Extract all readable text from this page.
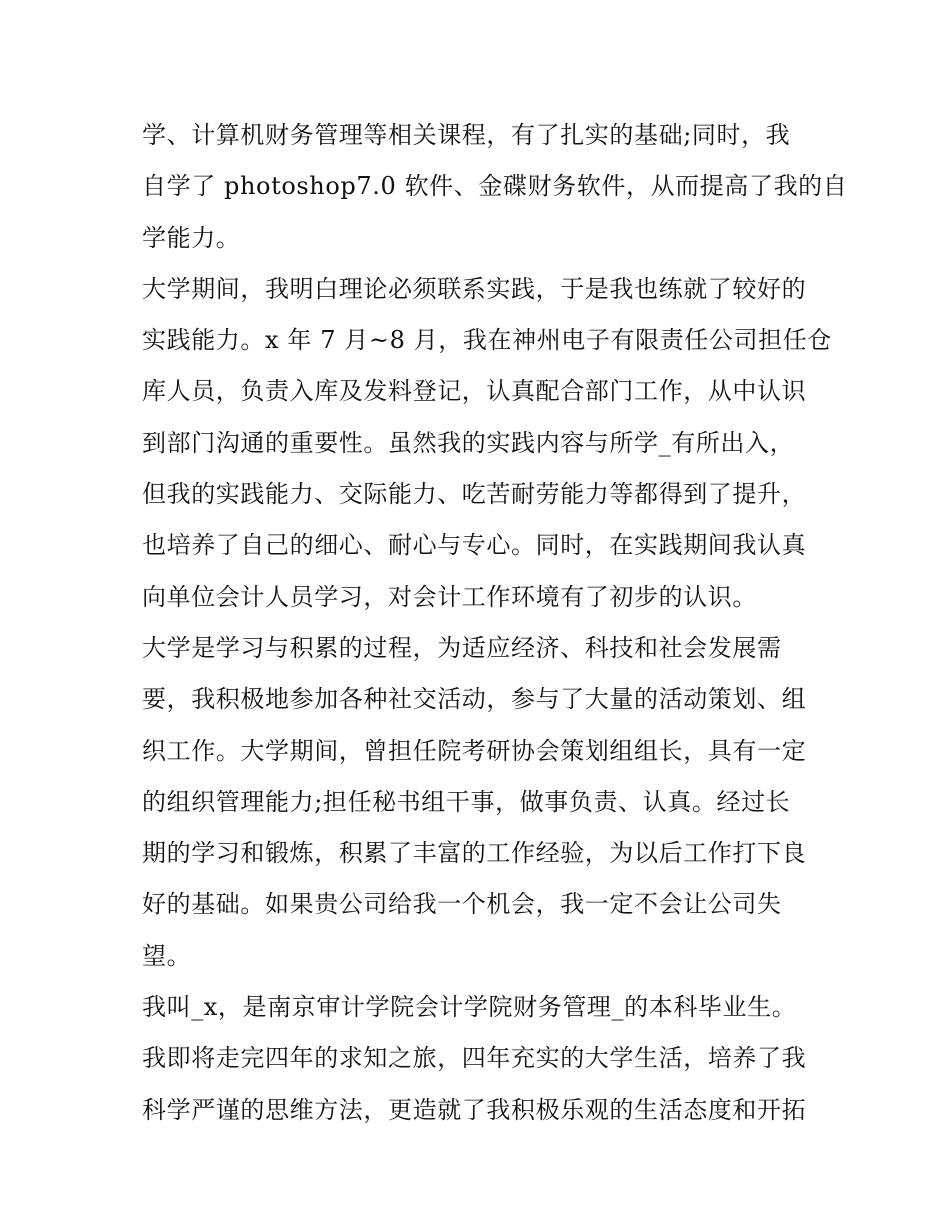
学、计算机财务管理等相关课程，有了扎实的基础;同时，我
自学了 photoshop7.0 软件、金碟财务软件，从而提高了我的自
学能力。
大学期间，我明白理论必须联系实践，于是我也练就了较好的
实践能力。x 年 7 月~8 月，我在神州电子有限责任公司担任仓
库人员，负责入库及发料登记，认真配合部门工作，从中认识
到部门沟通的重要性。虽然我的实践内容与所学_有所出入，
但我的实践能力、交际能力、吃苦耐劳能力等都得到了提升，
也培养了自己的细心、耐心与专心。同时，在实践期间我认真
向单位会计人员学习，对会计工作环境有了初步的认识。
大学是学习与积累的过程，为适应经济、科技和社会发展需
要，我积极地参加各种社交活动，参与了大量的活动策划、组
织工作。大学期间，曾担任院考研协会策划组组长，具有一定
的组织管理能力;担任秘书组干事，做事负责、认真。经过长
期的学习和锻炼，积累了丰富的工作经验，为以后工作打下良
好的基础。如果贵公司给我一个机会，我一定不会让公司失
望。
我叫_x，是南京审计学院会计学院财务管理_的本科毕业生。
我即将走完四年的求知之旅，四年充实的大学生活，培养了我
科学严谨的思维方法，更造就了我积极乐观的生活态度和开拓
